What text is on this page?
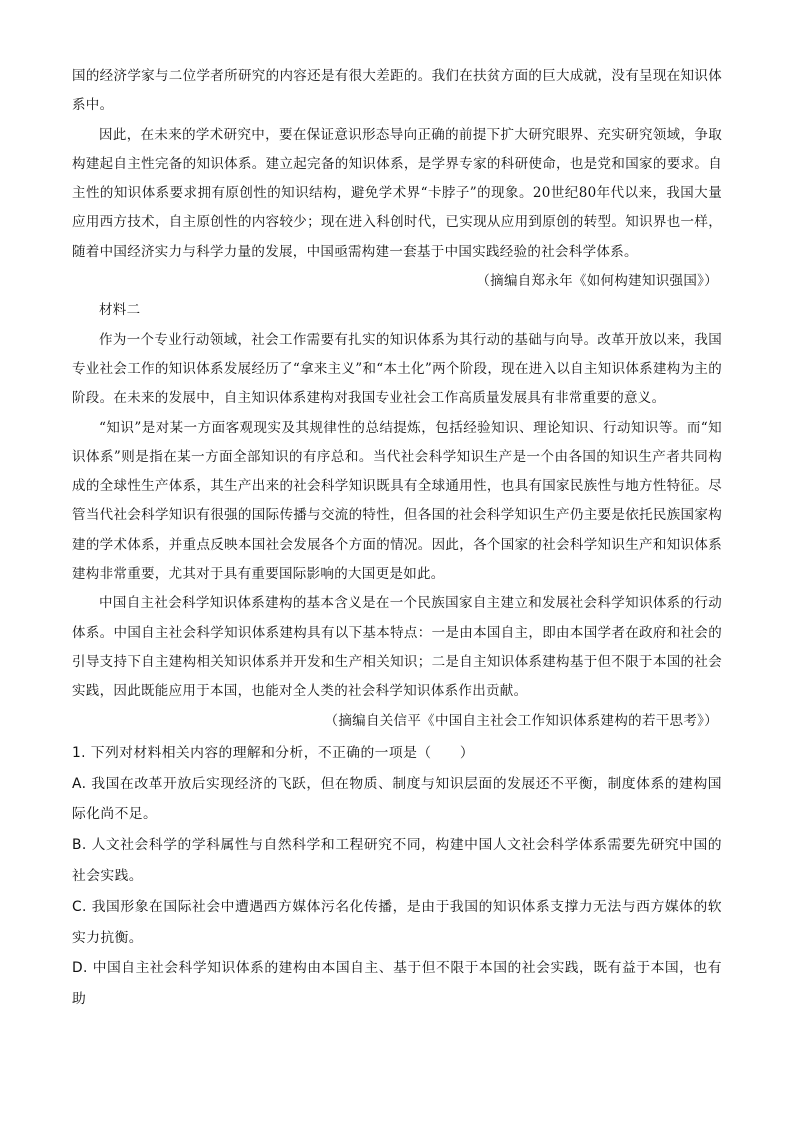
国的经济学家与二位学者所研究的内容还是有很大差距的。我们在扶贫方面的巨大成就，没有呈现在知识体系中。

因此，在未来的学术研究中，要在保证意识形态导向正确的前提下扩大研究眼界、充实研究领域，争取构建起自主性完备的知识体系。建立起完备的知识体系，是学界专家的科研使命，也是党和国家的要求。自主性的知识体系要求拥有原创性的知识结构，避免学术界“卡脖子”的现象。20世纪80年代以来，我国大量应用西方技术，自主原创性的内容较少；现在进入科创时代，已实现从应用到原创的转型。知识界也一样，随着中国经济实力与科学力量的发展，中国亟需构建一套基于中国实践经验的社会科学体系。

（摘编自郑永年《如何构建知识强国》）

材料二

作为一个专业行动领域，社会工作需要有扎实的知识体系为其行动的基础与向导。改革开放以来，我国专业社会工作的知识体系发展经历了“拿来主义”和“本土化”两个阶段，现在进入以自主知识体系建构为主的阶段。在未来的发展中，自主知识体系建构对我国专业社会工作高质量发展具有非常重要的意义。

“知识”是对某一方面客观现实及其规律性的总结提炼，包括经验知识、理论知识、行动知识等。而“知识体系”则是指在某一方面全部知识的有序总和。当代社会科学知识生产是一个由各国的知识生产者共同构成的全球性生产体系，其生产出来的社会科学知识既具有全球通用性，也具有国家民族性与地方性特征。尽管当代社会科学知识有很强的国际传播与交流的特性，但各国的社会科学知识生产仍主要是依托民族国家构建的学术体系，并重点反映本国社会发展各个方面的情况。因此，各个国家的社会科学知识生产和知识体系建构非常重要，尤其对于具有重要国际影响的大国更是如此。

中国自主社会科学知识体系建构的基本含义是在一个民族国家自主建立和发展社会科学知识体系的行动体系。中国自主社会科学知识体系建构具有以下基本特点：一是由本国自主，即由本国学者在政府和社会的引导支持下自主建构相关知识体系并开发和生产相关知识；二是自主知识体系建构基于但不限于本国的社会实践，因此既能应用于本国，也能对全人类的社会科学知识体系作出贡献。

（摘编自关信平《中国自主社会工作知识体系建构的若干思考》）

1. 下列对材料相关内容的理解和分析，不正确的一项是（　　）

A. 我国在改革开放后实现经济的飞跃，但在物质、制度与知识层面的发展还不平衡，制度体系的建构国际化尚不足。

B. 人文社会科学的学科属性与自然科学和工程研究不同，构建中国人文社会科学体系需要先研究中国的社会实践。

C. 我国形象在国际社会中遭遇西方媒体污名化传播，是由于我国的知识体系支撑力无法与西方媒体的软实力抗衡。

D. 中国自主社会科学知识体系的建构由本国自主、基于但不限于本国的社会实践，既有益于本国，也有助
